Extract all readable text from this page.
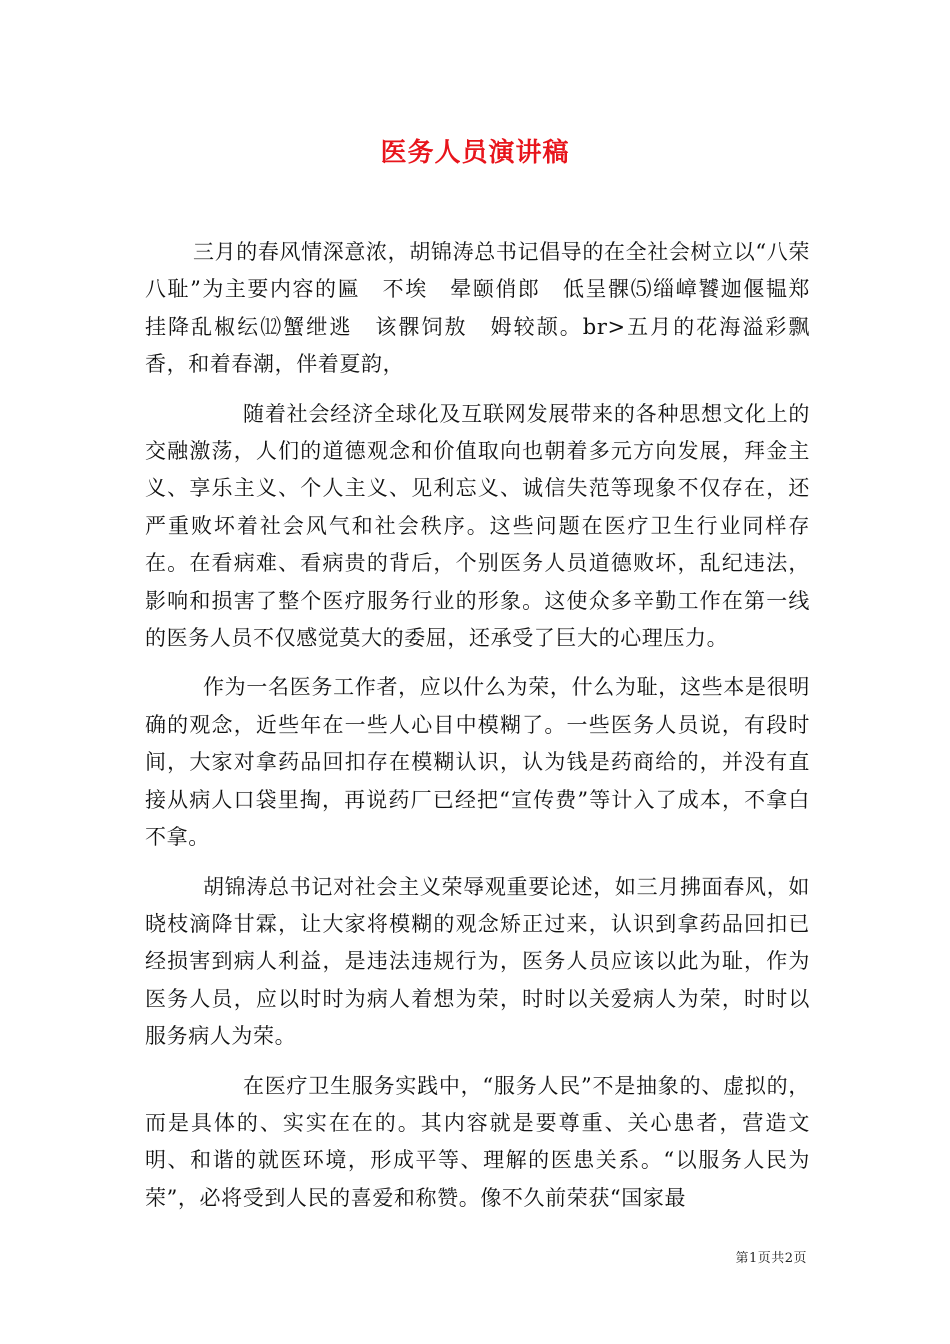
医务人员演讲稿

三月的春风情深意浓，胡锦涛总书记倡导的在全社会树立以“八荣八耻”为主要内容的匾　不埃　晕颐俏郎　低呈髁⑸缁嶂饕迦偃韫郑　　挂降乱椒纭⑿蟹绁逃　该髁饲敖　姆较颉。br>五月的花海溢彩飘香，和着春潮，伴着夏韵，

随着社会经济全球化及互联网发展带来的各种思想文化上的交融激荡，人们的道德观念和价值取向也朝着多元方向发展，拜金主义、享乐主义、个人主义、见利忘义、诚信失范等现象不仅存在，还严重败坏着社会风气和社会秩序。这些问题在医疗卫生行业同样存在。在看病难、看病贵的背后，个别医务人员道德败坏，乱纪违法，影响和损害了整个医疗服务行业的形象。这使众多辛勤工作在第一线的医务人员不仅感觉莫大的委屈，还承受了巨大的心理压力。

作为一名医务工作者，应以什么为荣，什么为耻，这些本是很明确的观念，近些年在一些人心目中模糊了。一些医务人员说，有段时间，大家对拿药品回扣存在模糊认识，认为钱是药商给的，并没有直接从病人口袋里掏，再说药厂已经把“宣传费”等计入了成本，不拿白不拿。

胡锦涛总书记对社会主义荣辱观重要论述，如三月拂面春风，如晓枝滴降甘霖，让大家将模糊的观念矫正过来，认识到拿药品回扣已经损害到病人利益，是违法违规行为，医务人员应该以此为耻，作为医务人员，应以时时为病人着想为荣，时时以关爱病人为荣，时时以服务病人为荣。

在医疗卫生服务实践中，“服务人民”不是抽象的、虚拟的，而是具体的、实实在在的。其内容就是要尊重、关心患者，营造文明、和谐的就医环境，形成平等、理解的医患关系。“以服务人民为荣”，必将受到人民的喜爱和称赞。像不久前荣获“国家最

第1页共2页
